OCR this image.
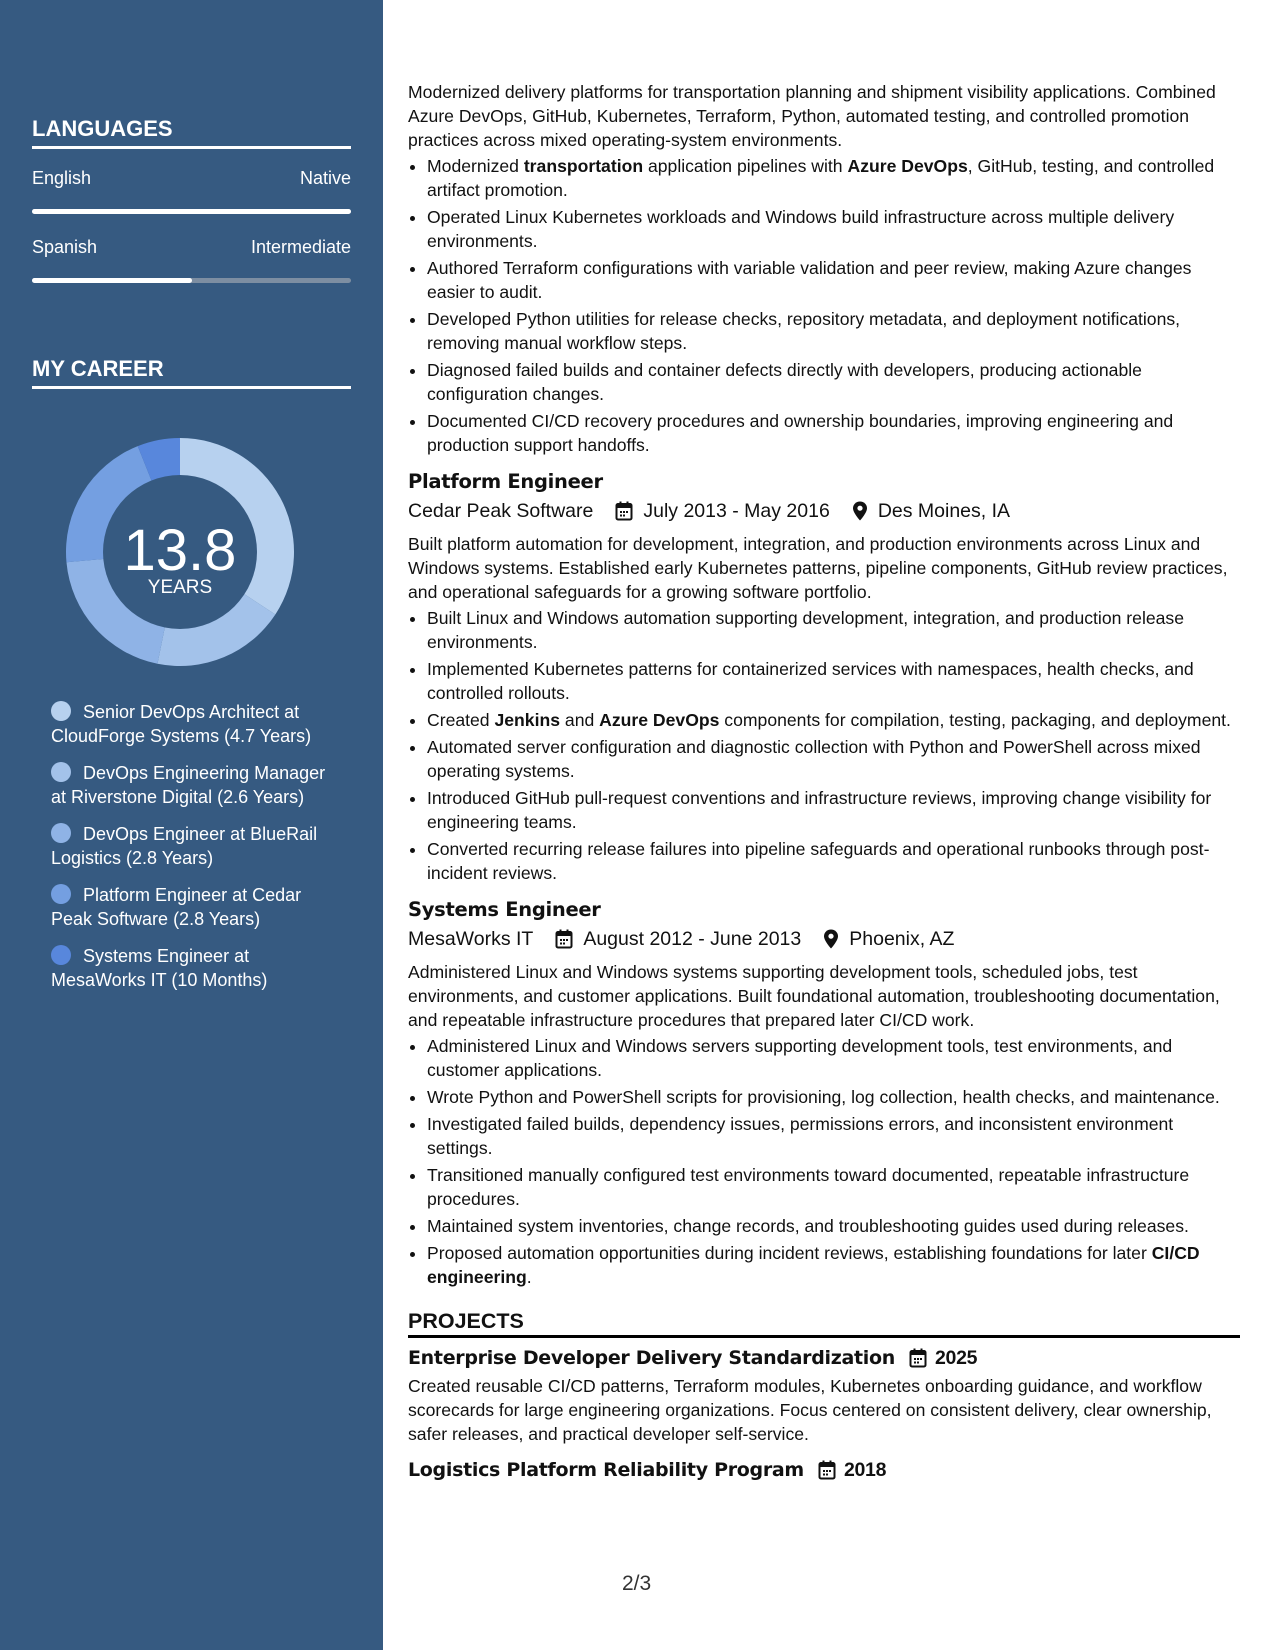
LANGUAGES
English	Native
Spanish	Intermediate
MY CAREER
13.8
YEARS
Senior DevOps Architect at CloudForge Systems (4.7 Years)
DevOps Engineering Manager at Riverstone Digital (2.6 Years)
DevOps Engineer at BlueRail Logistics (2.8 Years)
Platform Engineer at Cedar Peak Software (2.8 Years)
Systems Engineer at MesaWorks IT (10 Months)

Modernized delivery platforms for transportation planning and shipment visibility applications. Combined Azure DevOps, GitHub, Kubernetes, Terraform, Python, automated testing, and controlled promotion practices across mixed operating-system environments.

• Modernized transportation application pipelines with Azure DevOps, GitHub, testing, and controlled artifact promotion.
• Operated Linux Kubernetes workloads and Windows build infrastructure across multiple delivery environments.
• Authored Terraform configurations with variable validation and peer review, making Azure changes easier to audit.
• Developed Python utilities for release checks, repository metadata, and deployment notifications, removing manual workflow steps.
• Diagnosed failed builds and container defects directly with developers, producing actionable configuration changes.
• Documented CI/CD recovery procedures and ownership boundaries, improving engineering and production support handoffs.
Platform Engineer
Cedar Peak Software	July 2013 - May 2016 Des Moines, IA

Built platform automation for development, integration, and production environments across Linux and Windows systems. Established early Kubernetes patterns, pipeline components, GitHub review practices, and operational safeguards for a growing software portfolio.

• Built Linux and Windows automation supporting development, integration, and production release environments.
• Implemented Kubernetes patterns for containerized services with namespaces, health checks, and controlled rollouts.
• Created Jenkins and Azure DevOps components for compilation, testing, packaging, and deployment.
• Automated server configuration and diagnostic collection with Python and PowerShell across mixed operating systems.
• Introduced GitHub pull-request conventions and infrastructure reviews, improving change visibility for engineering teams.
• Converted recurring release failures into pipeline safeguards and operational runbooks through post-incident reviews.
Systems Engineer
MesaWorks IT	August 2012 - June 2013 Phoenix, AZ

Administered Linux and Windows systems supporting development tools, scheduled jobs, test environments, and customer applications. Built foundational automation, troubleshooting documentation, and repeatable infrastructure procedures that prepared later CI/CD work.

• Administered Linux and Windows servers supporting development tools, test environments, and customer applications.
• Wrote Python and PowerShell scripts for provisioning, log collection, health checks, and maintenance.
• Investigated failed builds, dependency issues, permissions errors, and inconsistent environment settings.
• Transitioned manually configured test environments toward documented, repeatable infrastructure procedures.
• Maintained system inventories, change records, and troubleshooting guides used during releases.
• Proposed automation opportunities during incident reviews, establishing foundations for later CI/CD engineering.
PROJECTS
Enterprise Developer Delivery Standardization 2025

Created reusable CI/CD patterns, Terraform modules, Kubernetes onboarding guidance, and workflow scorecards for large engineering organizations. Focus centered on consistent delivery, clear ownership, safer releases, and practical developer self-service.

Logistics Platform Reliability Program 2018
2/3
